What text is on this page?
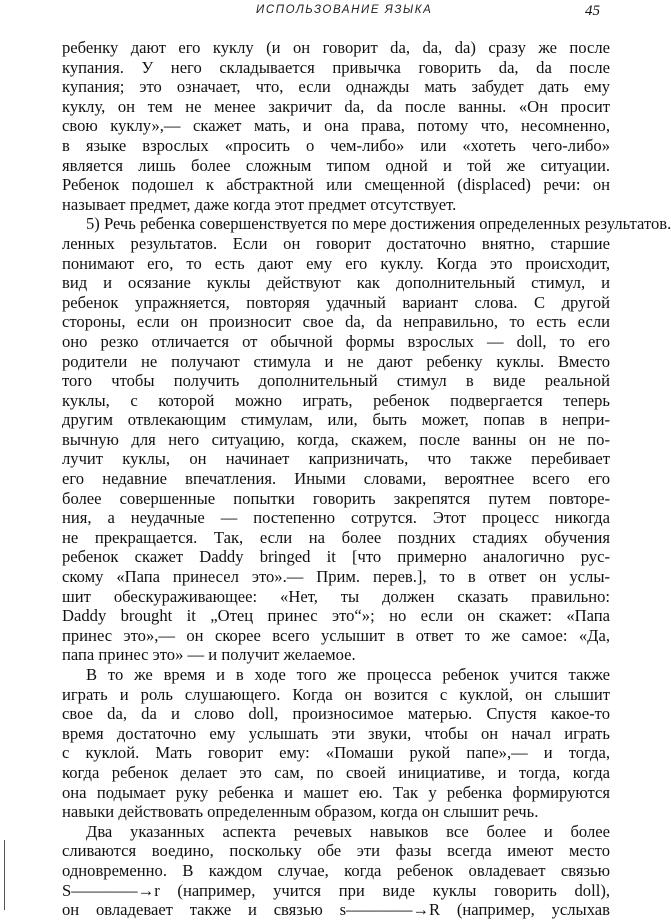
ИСПОЛЬЗОВАНИЕ ЯЗЫКА	45
ребенку дают его куклу (и он говорит da, da, da) сразу же после
купания. У него складывается привычка говорить da, da после
купания; это означает, что, если однажды мать забудет дать ему
куклу, он тем не менее закричит da, da после ванны. «Он просит
свою куклу»,— скажет мать, и она права, потому что, несомненно,
в языке взрослых «просить о чем-либо» или «хотеть чего-либо»
является лишь более сложным типом одной и той же ситуации.
Ребенок подошел к абстрактной или смещенной (displaced) речи: он
называет предмет, даже когда этот предмет отсутствует.
5) Речь ребенка совершенствуется по мере достижения определенных результатов.
ленных результатов. Если он говорит достаточно внятно, старшие
понимают его, то есть дают ему его куклу. Когда это происходит,
вид и осязание куклы действуют как дополнительный стимул, и
ребенок упражняется, повторяя удачный вариант слова. С другой
стороны, если он произносит свое da, da неправильно, то есть если
оно резко отличается от обычной формы взрослых — doll, то его
родители не получают стимула и не дают ребенку куклы. Вместо
того чтобы получить дополнительный стимул в виде реальной
куклы, с которой можно играть, ребенок подвергается теперь
другим отвлекающим стимулам, или, быть может, попав в непри-
вычную для него ситуацию, когда, скажем, после ванны он не по-
лучит куклы, он начинает капризничать, что также перебивает
его недавние впечатления. Иными словами, вероятнее всего его
более совершенные попытки говорить закрепятся путем повторе-
ния, а неудачные — постепенно сотрутся. Этот процесс никогда
не прекращается. Так, если на более поздних стадиях обучения
ребенок скажет Daddy bringed it [что примерно аналогично рус-
скому «Папа принесел это».— Прим. перев.], то в ответ он услы-
шит обескураживающее: «Нет, ты должен сказать правильно:
Daddy brought it „Отец принес это“»; но если он скажет: «Папа
принес это»,— он скорее всего услышит в ответ то же самое: «Да,
папа принес это» — и получит желаемое.
В то же время и в ходе того же процесса ребенок учится также
играть и роль слушающего. Когда он возится с куклой, он слышит
свое da, da и слово doll, произносимое матерью. Спустя какое-то
время достаточно ему услышать эти звуки, чтобы он начал играть
с куклой. Мать говорит ему: «Помаши рукой папе»,— и тогда,
когда ребенок делает это сам, по своей инициативе, и тогда, когда
она подымает руку ребенка и машет ею. Так у ребенка формируются
навыки действовать определенным образом, когда он слышит речь.
Два указанных аспекта речевых навыков все более и более
сливаются воедино, поскольку обе эти фазы всегда имеют место
одновременно. В каждом случае, когда ребенок овладевает связью
S————→r (например, учится при виде куклы говорить doll),
он овладевает также и связью s————→R (например, услыхав
